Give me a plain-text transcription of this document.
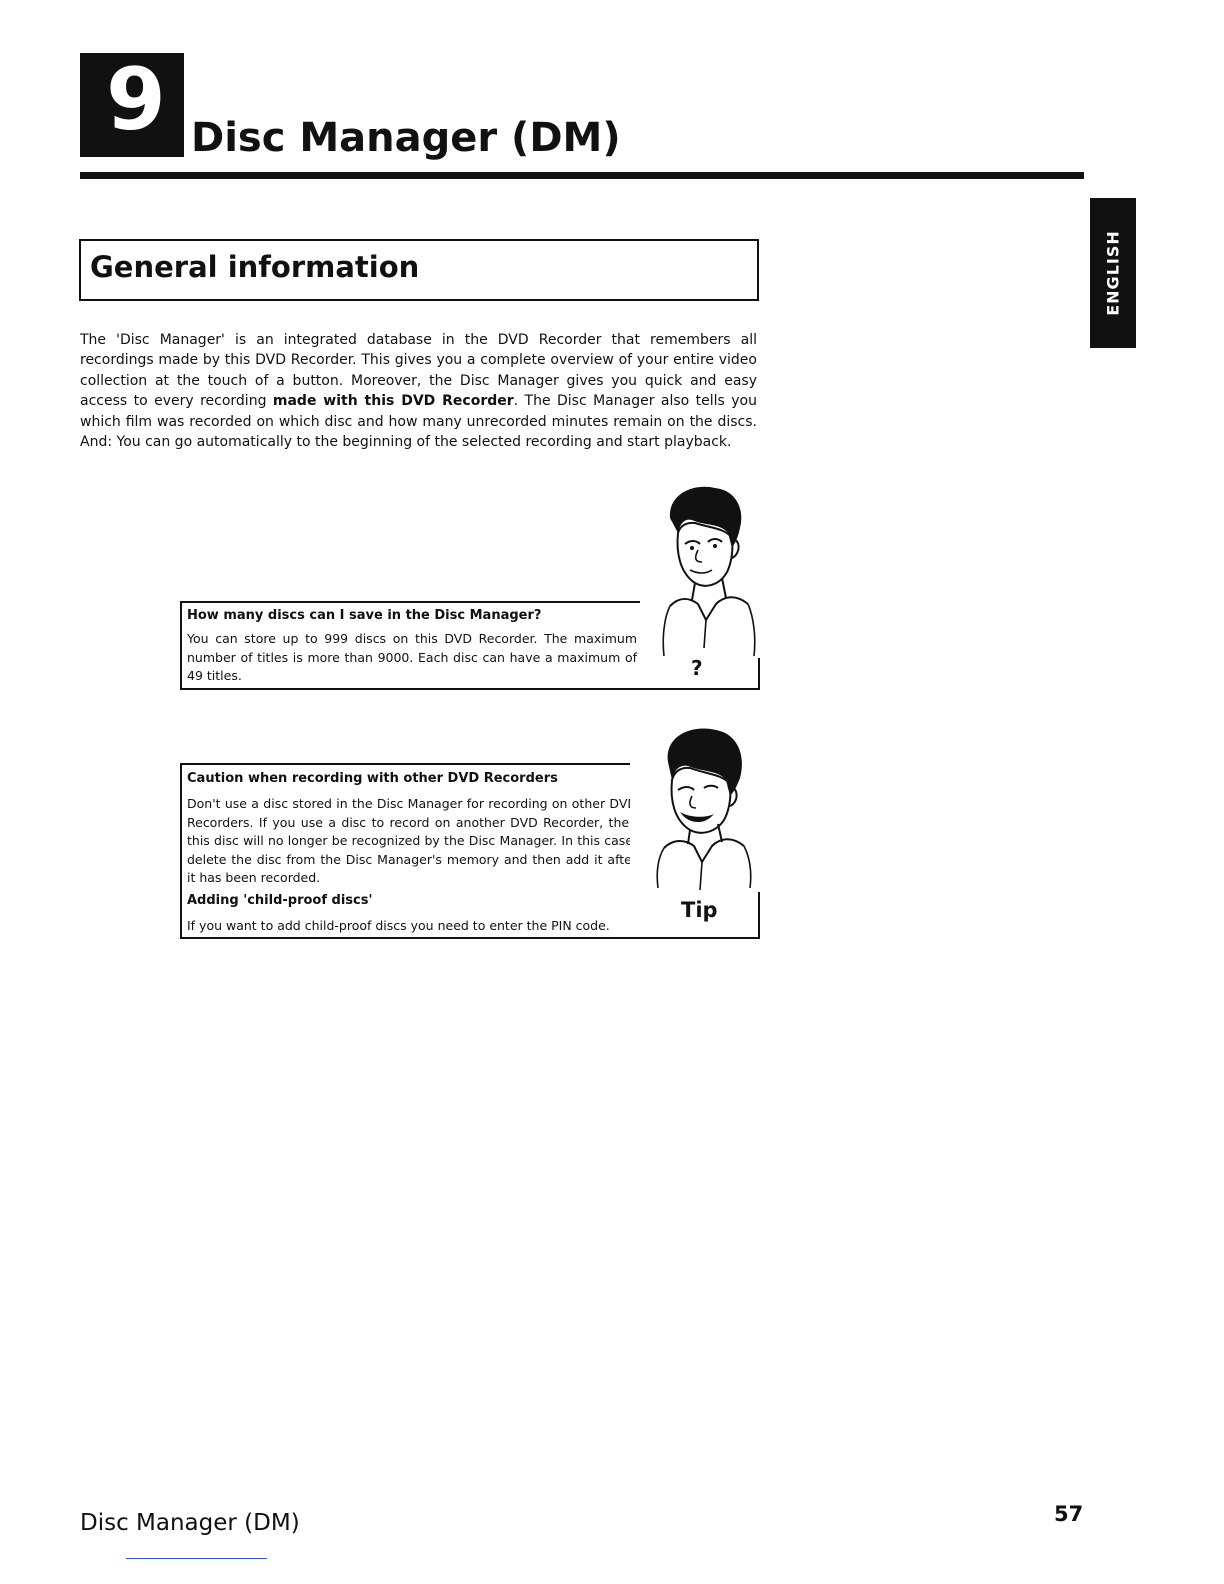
9 Disc Manager (DM)
ENGLISH
General information

The 'Disc Manager' is an integrated database in the DVD Recorder that remembers all recordings made by this DVD Recorder. This gives you a complete overview of your entire video collection at the touch of a button. Moreover, the Disc Manager gives you quick and easy access to every recording made with this DVD Recorder. The Disc Manager also tells you which film was recorded on which disc and how many unrecorded minutes remain on the discs. And: You can go automatically to the beginning of the selected recording and start playback.

How many discs can I save in the Disc Manager?

You can store up to 999 discs on this DVD Recorder. The maximum number of titles is more than 9000. Each disc can have a maximum of 49 titles.	?
Caution when recording with other DVD Recorders

Don't use a disc stored in the Disc Manager for recording on other DVD Recorders. If you use a disc to record on another DVD Recorder, then this disc will no longer be recognized by the Disc Manager. In this case, delete the disc from the Disc Manager's memory and then add it after it has been recorded.

Adding 'child-proof discs'

If you want to add child-proof discs you need to enter the PIN code.

Tip
Disc Manager (DM)	57
